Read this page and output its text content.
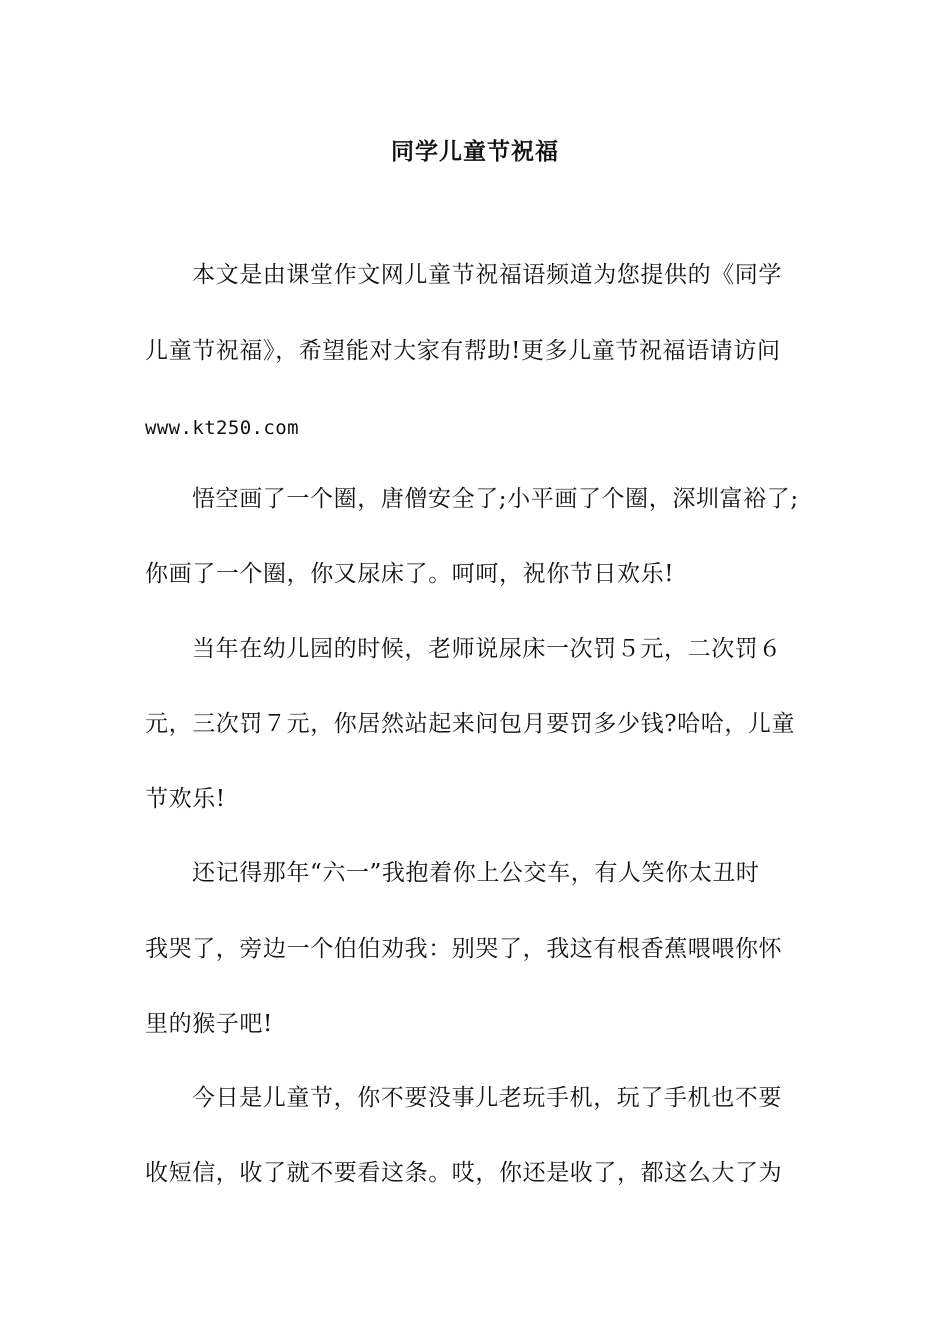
同学儿童节祝福
本文是由课堂作文网儿童节祝福语频道为您提供的《同学
儿童节祝福》，希望能对大家有帮助!更多儿童节祝福语请访问
www.kt250.com
悟空画了一个圈，唐僧安全了;小平画了个圈，深圳富裕了;
你画了一个圈，你又尿床了。呵呵，祝你节日欢乐!
当年在幼儿园的时候，老师说尿床一次罚５元，二次罚６
元，三次罚７元，你居然站起来问包月要罚多少钱?哈哈，儿童
节欢乐!
还记得那年“六一”我抱着你上公交车，有人笑你太丑时
我哭了，旁边一个伯伯劝我：别哭了，我这有根香蕉喂喂你怀
里的猴子吧!
今日是儿童节，你不要没事儿老玩手机，玩了手机也不要
收短信，收了就不要看这条。哎，你还是收了，都这么大了为
